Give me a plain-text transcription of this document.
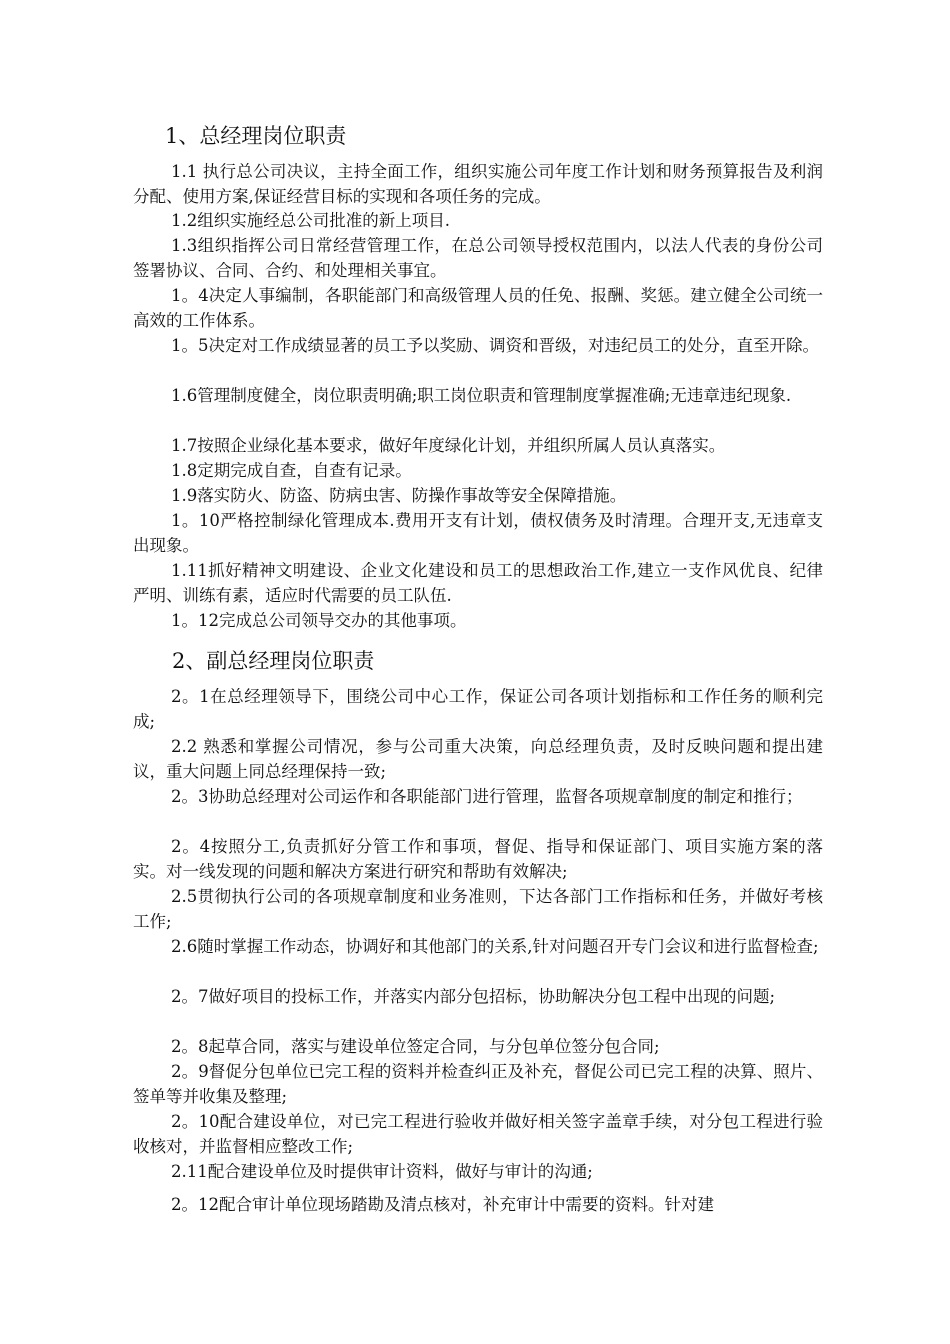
1、总经理岗位职责
1.1 执行总公司决议，主持全面工作，组织实施公司年度工作计划和财务预算报告及利润分配、使用方案,保证经营目标的实现和各项任务的完成。
1.2组织实施经总公司批准的新上项目.
1.3组织指挥公司日常经营管理工作，在总公司领导授权范围内，以法人代表的身份公司签署协议、合同、合约、和处理相关事宜。
1。4决定人事编制，各职能部门和高级管理人员的任免、报酬、奖惩。建立健全公司统一高效的工作体系。
1。5决定对工作成绩显著的员工予以奖励、调资和晋级，对违纪员工的处分，直至开除。
1.6管理制度健全，岗位职责明确;职工岗位职责和管理制度掌握准确;无违章违纪现象.
1.7按照企业绿化基本要求，做好年度绿化计划，并组织所属人员认真落实。
1.8定期完成自查，自查有记录。
1.9落实防火、防盗、防病虫害、防操作事故等安全保障措施。
1。10严格控制绿化管理成本.费用开支有计划，债权债务及时清理。合理开支,无违章支出现象。
1.11抓好精神文明建设、企业文化建设和员工的思想政治工作,建立一支作风优良、纪律严明、训练有素，适应时代需要的员工队伍.
1。12完成总公司领导交办的其他事项。
2、副总经理岗位职责
2。1在总经理领导下，围绕公司中心工作，保证公司各项计划指标和工作任务的顺利完成;
2.2 熟悉和掌握公司情况，参与公司重大决策，向总经理负责，及时反映问题和提出建议，重大问题上同总经理保持一致;
2。3协助总经理对公司运作和各职能部门进行管理，监督各项规章制度的制定和推行；
2。4按照分工,负责抓好分管工作和事项，督促、指导和保证部门、项目实施方案的落实。对一线发现的问题和解决方案进行研究和帮助有效解决;
2.5贯彻执行公司的各项规章制度和业务准则，下达各部门工作指标和任务，并做好考核工作;
2.6随时掌握工作动态，协调好和其他部门的关系,针对问题召开专门会议和进行监督检查;
2。7做好项目的投标工作，并落实内部分包招标，协助解决分包工程中出现的问题;
2。8起草合同，落实与建设单位签定合同，与分包单位签分包合同;
2。9督促分包单位已完工程的资料并检查纠正及补充，督促公司已完工程的决算、照片、签单等并收集及整理;
2。10配合建设单位，对已完工程进行验收并做好相关签字盖章手续，对分包工程进行验收核对，并监督相应整改工作;
2.11配合建设单位及时提供审计资料，做好与审计的沟通;
2。12配合审计单位现场踏勘及清点核对，补充审计中需要的资料。针对建
